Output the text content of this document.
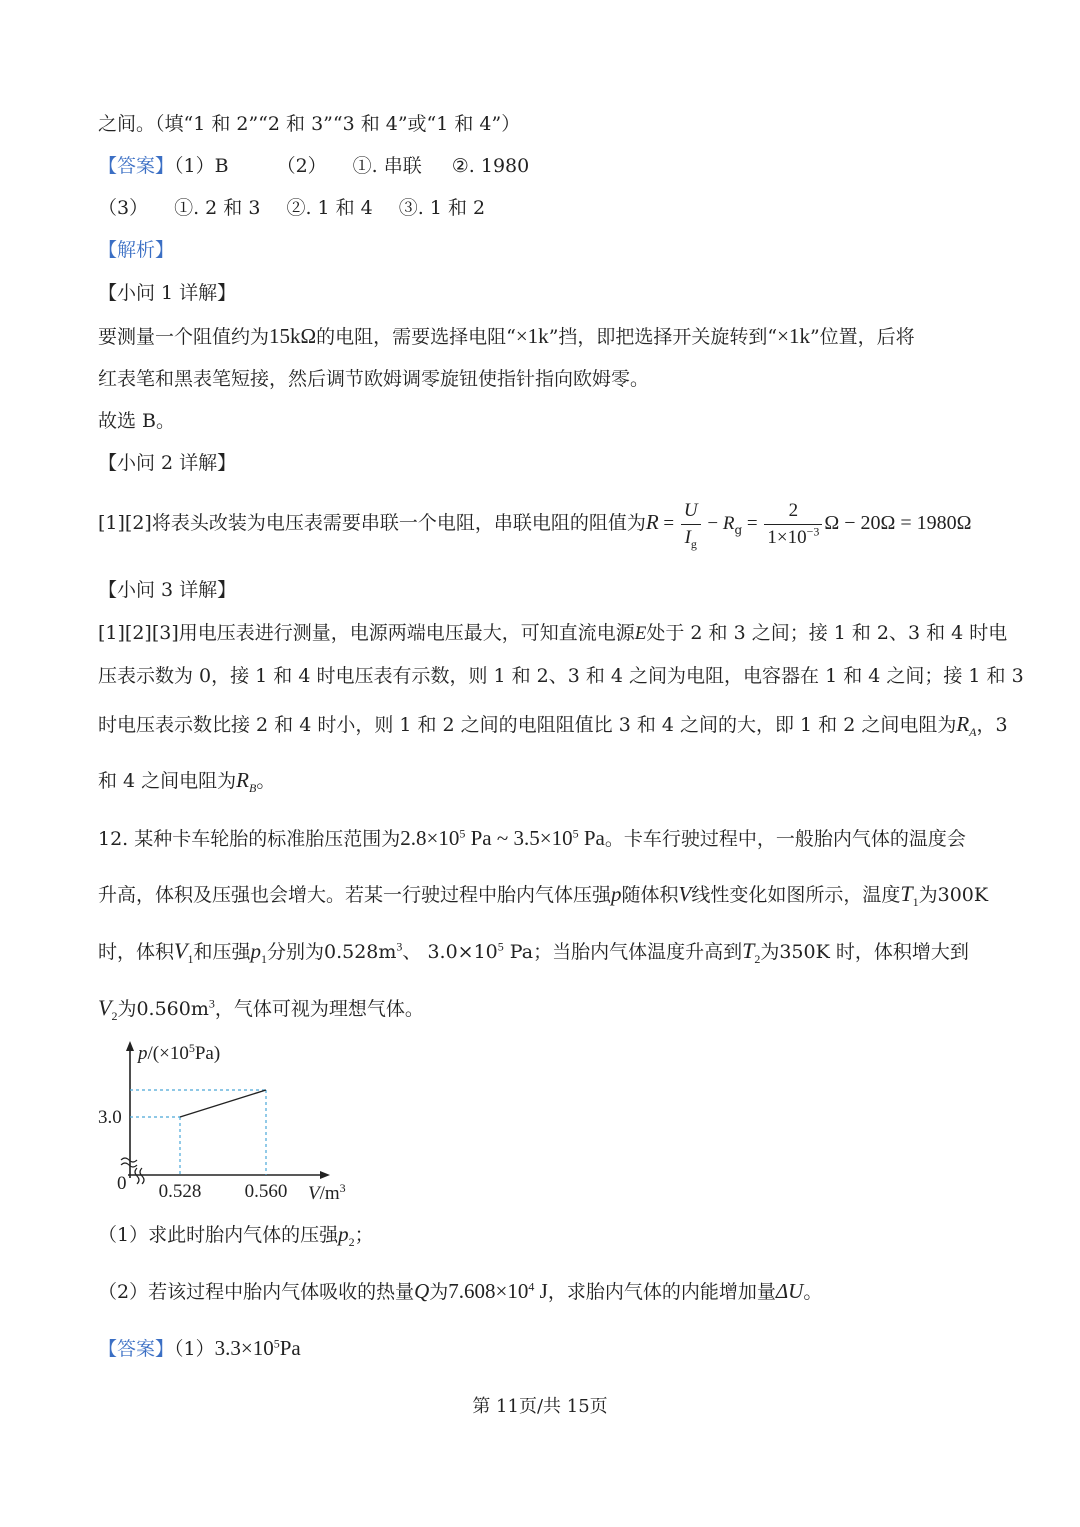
之间。（填“1 和 2”“2 和 3”“3 和 4”或“1 和 4”）
【答案】（1）B	（2） ①. 串联 ②. 1980
（3） ①. 2 和 3 ②. 1 和 4 ③. 1 和 2
【解析】
【小问 1 详解】
要测量一个阻值约为15kΩ的电阻，需要选择电阻“×1k”挡，即把选择开关旋转到“×1k”位置，后将
红表笔和黑表笔短接，然后调节欧姆调零旋钮使指针指向欧姆零。
故选 B。
【小问 2 详解】
[1][2]将表头改装为电压表需要串联一个电阻，串联电阻的阻值为$R = \frac{U}{I_g} - R_g = \frac{2}{1\times 10^{-3}}$ Ω − 20Ω = 1980Ω
【小问 3 详解】
[1][2][3]用电压表进行测量，电源两端电压最大，可知直流电源E处于 2 和 3 之间；接 1 和 2、3 和 4 时电
压表示数为 0，接 1 和 4 时电压表有示数，则 1 和 2、3 和 4 之间为电阻，电容器在 1 和 4 之间；接 1 和 3
时电压表示数比接 2 和 4 时小，则 1 和 2 之间的电阻阻值比 3 和 4 之间的大，即 1 和 2 之间电阻为$R_A$，3
和 4 之间电阻为$R_B$。
12. 某种卡车轮胎的标准胎压范围为$2.8\times 10^5$ Pa ~ $3.5\times 10^5$ Pa。卡车行驶过程中，一般胎内气体的温度会
升高，体积及压强也会增大。若某一行驶过程中胎内气体压强p随体积V线性变化如图所示，温度$T_1$为300K
时，体积$V_1$和压强$p_1$分别为$0.528m^3$、 $3.0\times 10^5$ Pa；当胎内气体温度升高到$T_2$为350K 时，体积增大到
$V_2$为$0.560m^3$，气体可视为理想气体。
$p/(\times 10^5Pa)$
3.0
0 0.528 0.560 $V/m^3$
（1）求此时胎内气体的压强$p_2$；
（2）若该过程中胎内气体吸收的热量Q为$7.608\times 10^4$ J，求胎内气体的内能增加量ΔU。
【答案】$(1)3.3\times 10^5Pa$
第 11页/共 15页
